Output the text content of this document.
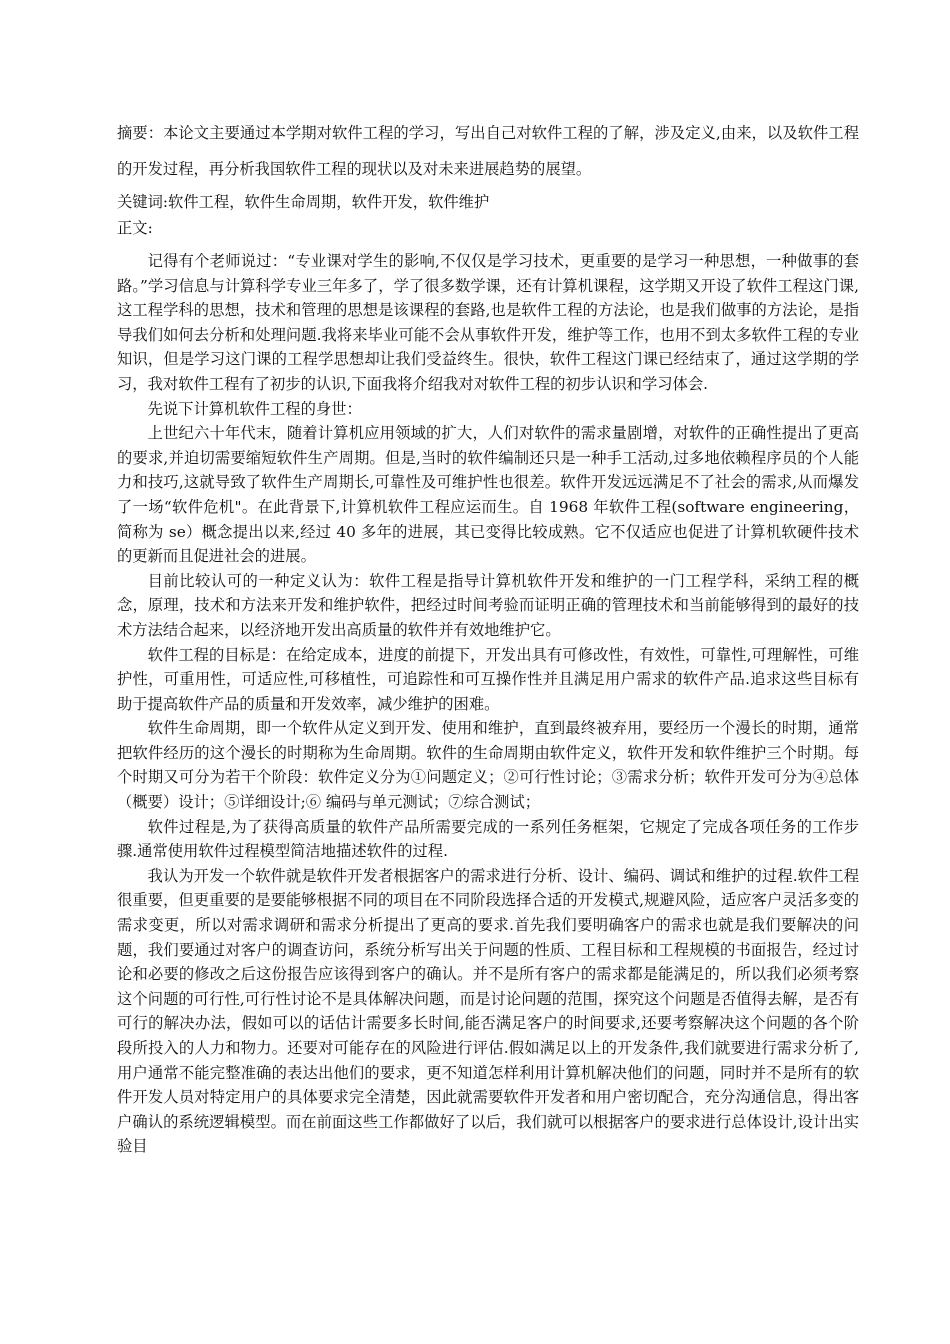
摘要：本论文主要通过本学期对软件工程的学习，写出自己对软件工程的了解，涉及定义,由来，以及软件工程的开发过程，再分析我国软件工程的现状以及对未来进展趋势的展望。

关键词:软件工程，软件生命周期，软件开发，软件维护

正文:

记得有个老师说过：“专业课对学生的影响,不仅仅是学习技术，更重要的是学习一种思想，一种做事的套路。”学习信息与计算科学专业三年多了，学了很多数学课，还有计算机课程，这学期又开设了软件工程这门课,这工程学科的思想，技术和管理的思想是该课程的套路,也是软件工程的方法论，也是我们做事的方法论，是指导我们如何去分析和处理问题.我将来毕业可能不会从事软件开发，维护等工作，也用不到太多软件工程的专业知识，但是学习这门课的工程学思想却让我们受益终生。很快，软件工程这门课已经结束了，通过这学期的学习，我对软件工程有了初步的认识,下面我将介绍我对对软件工程的初步认识和学习体会.

先说下计算机软件工程的身世：

上世纪六十年代末，随着计算机应用领域的扩大，人们对软件的需求量剧增，对软件的正确性提出了更高的要求,并迫切需要缩短软件生产周期。但是,当时的软件编制还只是一种手工活动,过多地依赖程序员的个人能力和技巧,这就导致了软件生产周期长,可靠性及可维护性也很差。软件开发远远满足不了社会的需求,从而爆发了一场“软件危机"。在此背景下,计算机软件工程应运而生。自 1968 年软件工程(software engineering，简称为 se）概念提出以来,经过 40 多年的进展，其已变得比较成熟。它不仅适应也促进了计算机软硬件技术的更新而且促进社会的进展。

目前比较认可的一种定义认为：软件工程是指导计算机软件开发和维护的一门工程学科，采纳工程的概念，原理，技术和方法来开发和维护软件，把经过时间考验而证明正确的管理技术和当前能够得到的最好的技术方法结合起来，以经济地开发出高质量的软件并有效地维护它。

软件工程的目标是：在给定成本，进度的前提下，开发出具有可修改性，有效性，可靠性,可理解性，可维护性，可重用性，可适应性,可移植性，可追踪性和可互操作性并且满足用户需求的软件产品.追求这些目标有助于提高软件产品的质量和开发效率，减少维护的困难。

软件生命周期，即一个软件从定义到开发、使用和维护，直到最终被弃用，要经历一个漫长的时期，通常把软件经历的这个漫长的时期称为生命周期。软件的生命周期由软件定义，软件开发和软件维护三个时期。每个时期又可分为若干个阶段：软件定义分为①问题定义；②可行性讨论；③需求分析；软件开发可分为④总体（概要）设计；⑤详细设计;⑥ 编码与单元测试；⑦综合测试；

软件过程是,为了获得高质量的软件产品所需要完成的一系列任务框架，它规定了完成各项任务的工作步骤.通常使用软件过程模型简洁地描述软件的过程.

我认为开发一个软件就是软件开发者根据客户的需求进行分析、设计、编码、调试和维护的过程.软件工程很重要，但更重要的是要能够根据不同的项目在不同阶段选择合适的开发模式,规避风险，适应客户灵活多变的需求变更，所以对需求调研和需求分析提出了更高的要求.首先我们要明确客户的需求也就是我们要解决的问题，我们要通过对客户的调查访问，系统分析写出关于问题的性质、工程目标和工程规模的书面报告，经过讨论和必要的修改之后这份报告应该得到客户的确认。并不是所有客户的需求都是能满足的，所以我们必须考察这个问题的可行性,可行性讨论不是具体解决问题，而是讨论问题的范围，探究这个问题是否值得去解，是否有可行的解决办法，假如可以的话估计需要多长时间,能否满足客户的时间要求,还要考察解决这个问题的各个阶段所投入的人力和物力。还要对可能存在的风险进行评估.假如满足以上的开发条件,我们就要进行需求分析了,用户通常不能完整准确的表达出他们的要求，更不知道怎样利用计算机解决他们的问题，同时并不是所有的软件开发人员对特定用户的具体要求完全清楚，因此就需要软件开发者和用户密切配合，充分沟通信息，得出客户确认的系统逻辑模型。而在前面这些工作都做好了以后，我们就可以根据客户的要求进行总体设计,设计出实验目
